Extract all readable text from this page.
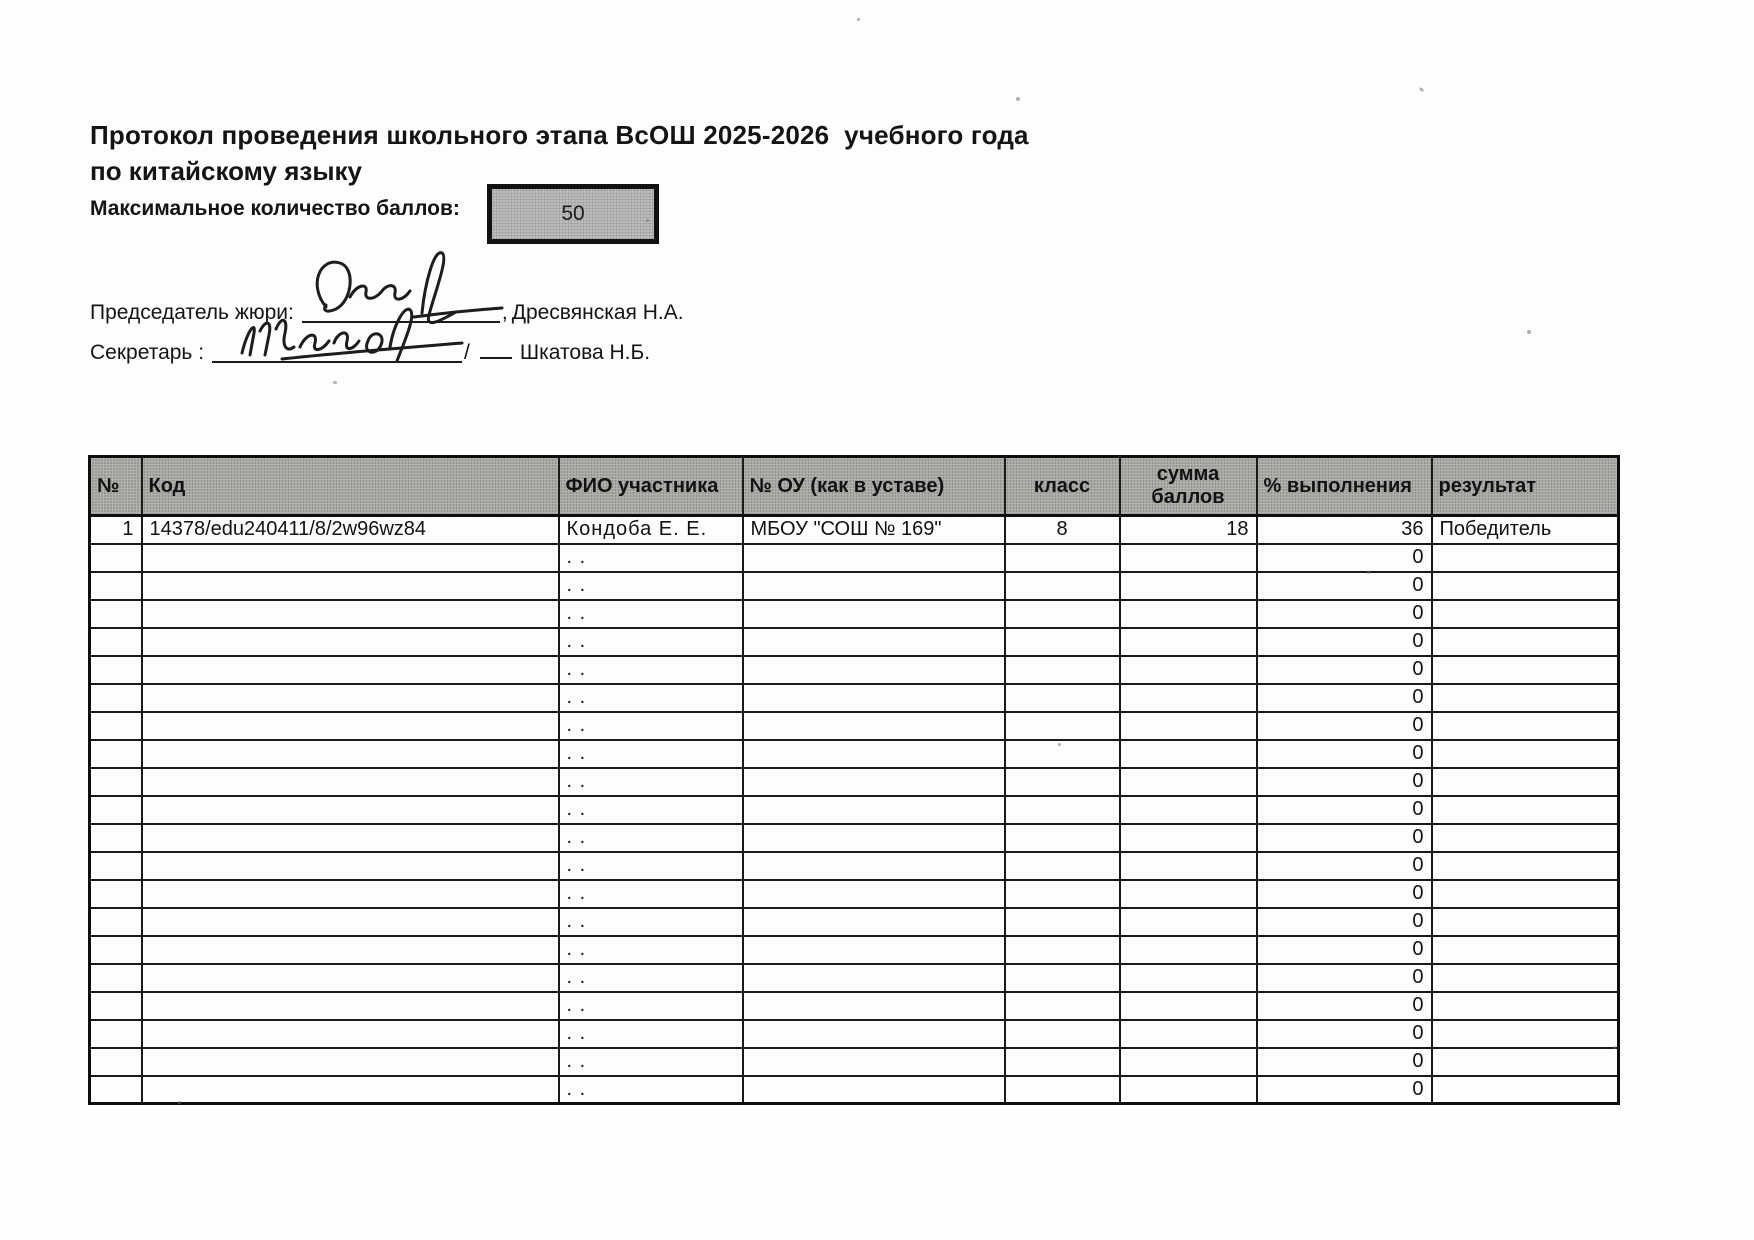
Протокол проведения школьного этапа ВсОШ 2025-2026  учебного года
по китайскому языку
Максимальное количество баллов:	50
Председатель жюри:

	, Дресвянская Н.А.
Секретарь :

	/ Шкатова Н.Б.
№	Код	ФИО участника	№ ОУ (как в уставе)	класс	сумма баллов	% выполнения	результат
1	14378/edu240411/8/2w96wz84	Кондоба Е. Е.	МБОУ "СОШ № 169"	8	18	36	Победитель
		. .				0	
		. .				0	
		. .				0	
		. .				0	
		. .				0	
		. .				0	
		. .				0	
		. .				0	
		. .				0	
		. .				0	
		. .				0	
		. .				0	
		. .				0	
		. .				0	
		. .				0	
		. .				0	
		. .				0	
		. .				0	
		. .				0	
		. .				0	
